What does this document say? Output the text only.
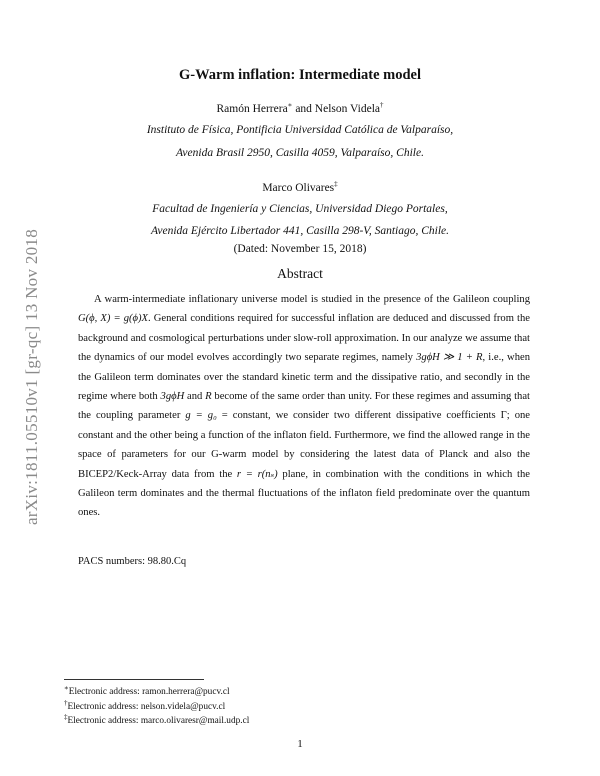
arXiv:1811.05510v1 [gr-qc] 13 Nov 2018
G-Warm inflation: Intermediate model
Ramón Herrera∗ and Nelson Videla†
Instituto de Física, Pontificia Universidad Católica de Valparaíso,
Avenida Brasil 2950, Casilla 4059, Valparaíso, Chile.
Marco Olivares‡
Facultad de Ingeniería y Ciencias, Universidad Diego Portales,
Avenida Ejército Libertador 441, Casilla 298-V, Santiago, Chile.
(Dated: November 15, 2018)
Abstract
A warm-intermediate inflationary universe model is studied in the presence of the Galileon coupling G(ϕ, X) = g(ϕ)X. General conditions required for successful inflation are deduced and discussed from the background and cosmological perturbations under slow-roll approximation. In our analyze we assume that the dynamics of our model evolves accordingly two separate regimes, namely 3gϕ̇H ≫ 1 + R, i.e., when the Galileon term dominates over the standard kinetic term and the dissipative ratio, and secondly in the regime where both 3gϕ̇H and R become of the same order than unity. For these regimes and assuming that the coupling parameter g = g₀ = constant, we consider two different dissipative coefficients Γ; one constant and the other being a function of the inflaton field. Furthermore, we find the allowed range in the space of parameters for our G-warm model by considering the latest data of Planck and also the BICEP2/Keck-Array data from the r = r(nₛ) plane, in combination with the conditions in which the Galileon term dominates and the thermal fluctuations of the inflaton field predominate over the quantum ones.
PACS numbers: 98.80.Cq
∗Electronic address: ramon.herrera@pucv.cl
†Electronic address: nelson.videla@pucv.cl
‡Electronic address: marco.olivaresr@mail.udp.cl
1
